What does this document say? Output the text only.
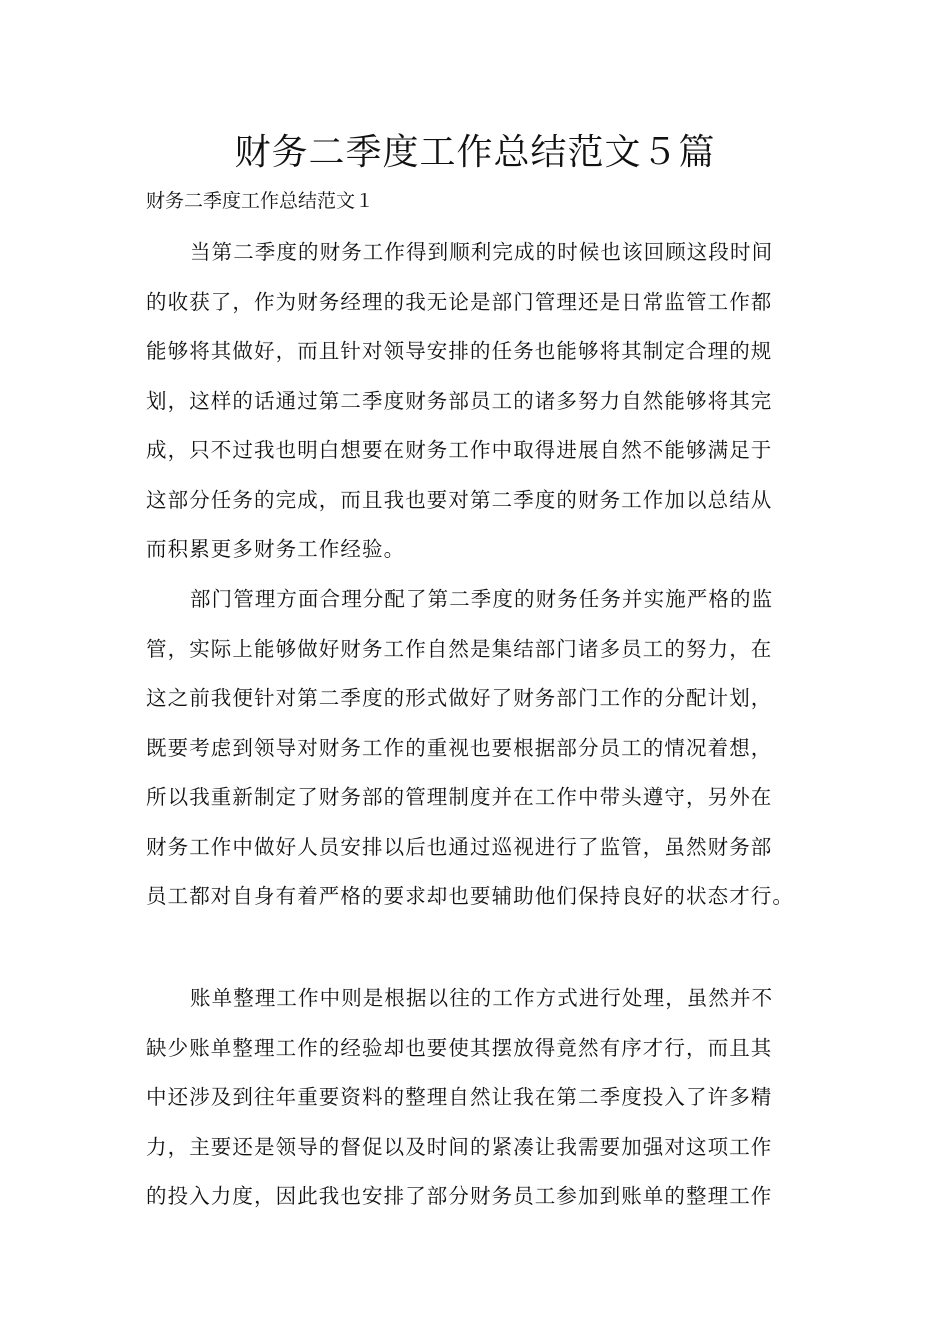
财务二季度工作总结范文５篇

财务二季度工作总结范文１

当第二季度的财务工作得到顺利完成的时候也该回顾这段时间
的收获了，作为财务经理的我无论是部门管理还是日常监管工作都
能够将其做好，而且针对领导安排的任务也能够将其制定合理的规
划，这样的话通过第二季度财务部员工的诸多努力自然能够将其完
成，只不过我也明白想要在财务工作中取得进展自然不能够满足于
这部分任务的完成，而且我也要对第二季度的财务工作加以总结从
而积累更多财务工作经验。
部门管理方面合理分配了第二季度的财务任务并实施严格的监
管，实际上能够做好财务工作自然是集结部门诸多员工的努力，在
这之前我便针对第二季度的形式做好了财务部门工作的分配计划，
既要考虑到领导对财务工作的重视也要根据部分员工的情况着想，
所以我重新制定了财务部的管理制度并在工作中带头遵守，另外在
财务工作中做好人员安排以后也通过巡视进行了监管，虽然财务部
员工都对自身有着严格的要求却也要辅助他们保持良好的状态才行。
账单整理工作中则是根据以往的工作方式进行处理，虽然并不
缺少账单整理工作的经验却也要使其摆放得竟然有序才行，而且其
中还涉及到往年重要资料的整理自然让我在第二季度投入了许多精
力，主要还是领导的督促以及时间的紧凑让我需要加强对这项工作
的投入力度，因此我也安排了部分财务员工参加到账单的整理工作
